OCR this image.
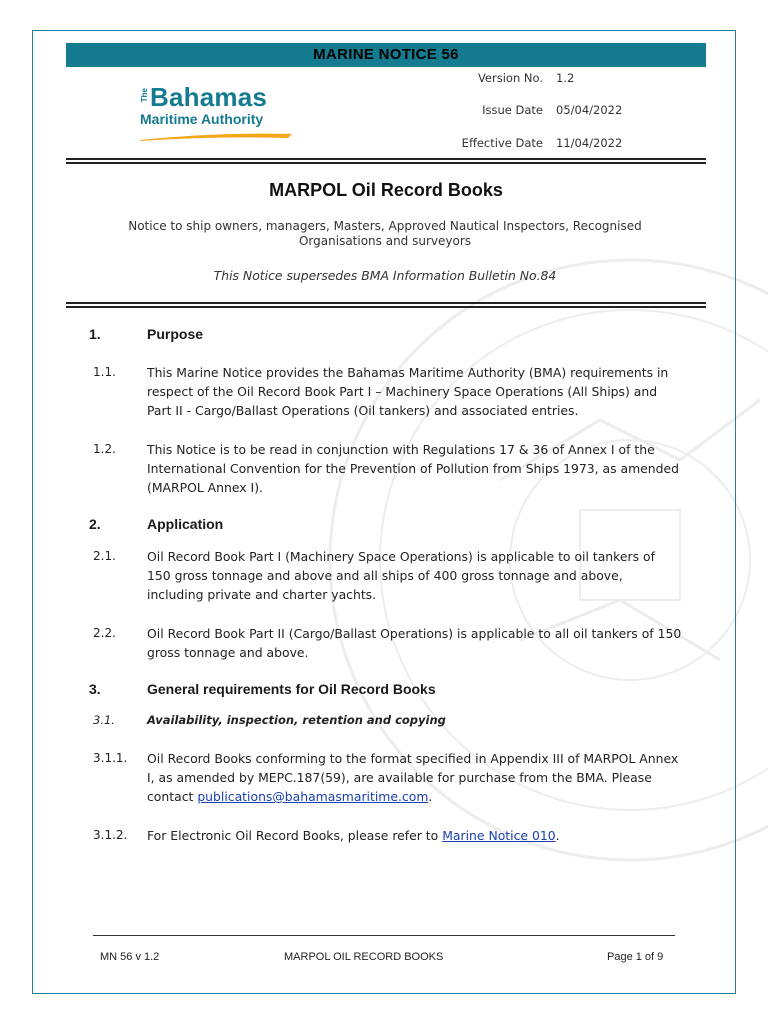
MARINE NOTICE 56
The Bahamas
Maritime Authority
Version No. 1.2
Issue Date 05/04/2022
Effective Date 11/04/2022
MARPOL Oil Record Books
Notice to ship owners, managers, Masters, Approved Nautical Inspectors, Recognised Organisations and surveyors
This Notice supersedes BMA Information Bulletin No.84
1.	Purpose
1.1.	This Marine Notice provides the Bahamas Maritime Authority (BMA) requirements in respect of the Oil Record Book Part I – Machinery Space Operations (All Ships) and Part II - Cargo/Ballast Operations (Oil tankers) and associated entries.
1.2.	This Notice is to be read in conjunction with Regulations 17 & 36 of Annex I of the International Convention for the Prevention of Pollution from Ships 1973, as amended (MARPOL Annex I).
2.	Application
2.1.	Oil Record Book Part I (Machinery Space Operations) is applicable to oil tankers of 150 gross tonnage and above and all ships of 400 gross tonnage and above, including private and charter yachts.
2.2.	Oil Record Book Part II (Cargo/Ballast Operations) is applicable to all oil tankers of 150 gross tonnage and above.
3.	General requirements for Oil Record Books
3.1.	Availability, inspection, retention and copying
3.1.1. Oil Record Books conforming to the format specified in Appendix III of MARPOL Annex I, as amended by MEPC.187(59), are available for purchase from the BMA. Please contact publications@bahamasmaritime.com.
3.1.2. For Electronic Oil Record Books, please refer to Marine Notice 010.
MN 56 v 1.2	MARPOL OIL RECORD BOOKS	Page 1 of 9
